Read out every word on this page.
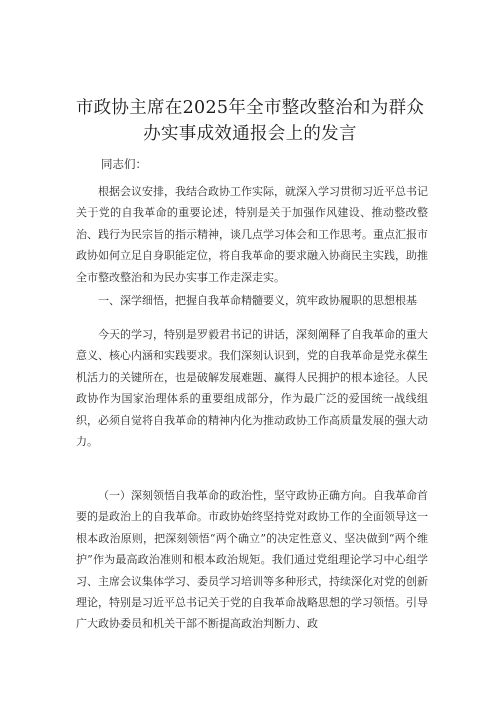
市政协主席在2025年全市整改整治和为群众
办实事成效通报会上的发言
同志们：

根据会议安排，我结合政协工作实际，就深入学习贯彻习近平总书记关于党的自我革命的重要论述，特别是关于加强作风建设、推动整改整治、践行为民宗旨的指示精神，谈几点学习体会和工作思考。重点汇报市政协如何立足自身职能定位，将自我革命的要求融入协商民主实践，助推全市整改整治和为民办实事工作走深走实。

一、深学细悟，把握自我革命精髓要义，筑牢政协履职的思想根基

今天的学习，特别是罗毅君书记的讲话，深刻阐释了自我革命的重大意义、核心内涵和实践要求。我们深刻认识到，党的自我革命是党永葆生机活力的关键所在，也是破解发展难题、赢得人民拥护的根本途径。人民政协作为国家治理体系的重要组成部分，作为最广泛的爱国统一战线组织，必须自觉将自我革命的精神内化为推动政协工作高质量发展的强大动力。

（一）深刻领悟自我革命的政治性，坚守政协正确方向。自我革命首要的是政治上的自我革命。市政协始终坚持党对政协工作的全面领导这一根本政治原则，把深刻领悟“两个确立”的决定性意义、坚决做到“两个维护”作为最高政治准则和根本政治规矩。我们通过党组理论学习中心组学习、主席会议集体学习、委员学习培训等多种形式，持续深化对党的创新理论，特别是习近平总书记关于党的自我革命战略思想的学习领悟。引导广大政协委员和机关干部不断提高政治判断力、政
